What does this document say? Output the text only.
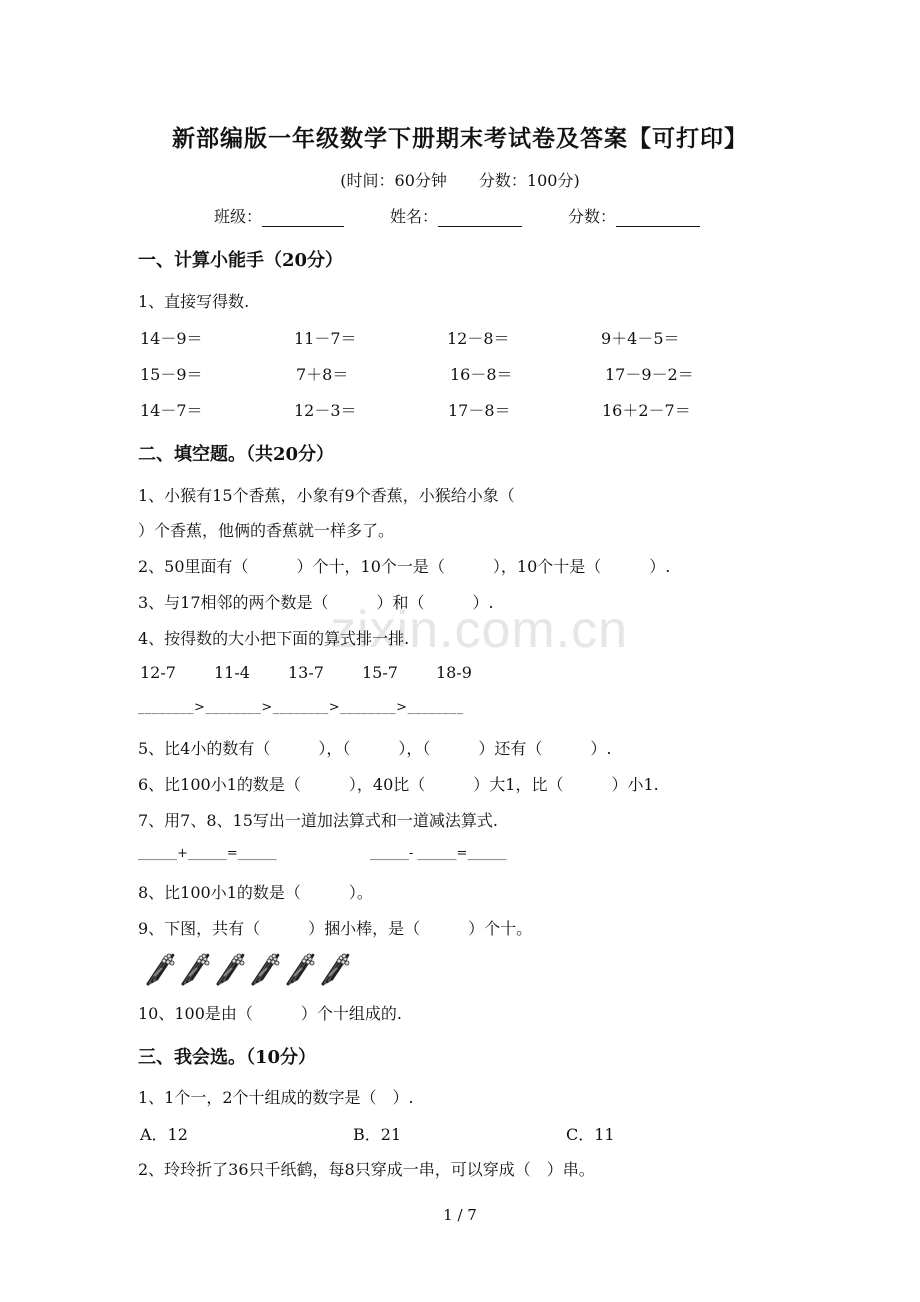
zixin.com.cn
新部编版一年级数学下册期末考试卷及答案【可打印】
(时间：60分钟　　分数：100分)
班级：	姓名：	分数：
一、计算小能手（20分）
1、直接写得数.
14－9＝	11－7＝	12－8＝	9＋4－5＝
15－9＝	7＋8＝	16－8＝	17－9－2＝
14－7＝	12－3＝	17－8＝	16＋2－7＝
二、填空题。（共20分）
1、小猴有15个香蕉，小象有9个香蕉，小猴给小象（
）个香蕉，他俩的香蕉就一样多了。
2、50里面有（　　　）个十，10个一是（　　　），10个十是（　　　）.
3、与17相邻的两个数是（　　　）和（　　　）.
4、按得数的大小把下面的算式排一排.
12-7 11-4 13-7 15-7 18-9
________>________>________>________>________
5、比4小的数有（　　　），（　　　），（　　　）还有（　　　）.
6、比100小1的数是（　　　），40比（　　　）大1，比（　　　）小1.
7、用7、8、15写出一道加法算式和一道减法算式.
______+______=______	______- ______=______
8、比100小1的数是（　　　）。
9、下图，共有（　　　）捆小棒，是（　　　）个十。
10、100是由（　　　）个十组成的.
三、我会选。（10分）
1、1个一，2个十组成的数字是（　）.
A．12	B．21	C．11
2、玲玲折了36只千纸鹤，每8只穿成一串，可以穿成（　）串。
1 / 7
